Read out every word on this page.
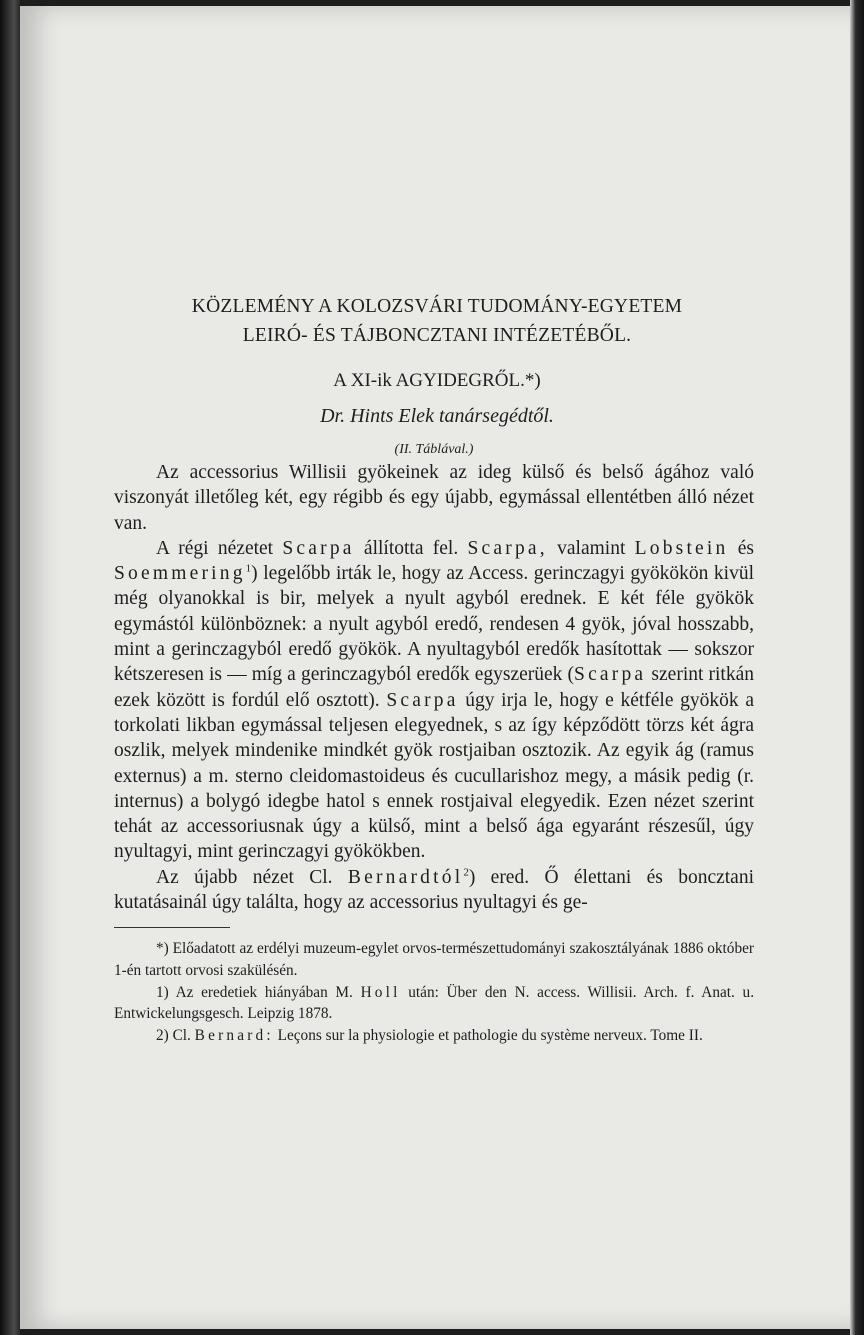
KÖZLEMÉNY A KOLOZSVÁRI TUDOMÁNY-EGYETEM
LEIRÓ- ÉS TÁJBONCZTANI INTÉZETÉBŐL.
A XI-ik AGYIDEGRŐL.*)
Dr. Hints Elek tanársegédtől.
(II. Táblával.)

Az accessorius Willisii gyökeinek az ideg külső és belső ágához való viszonyát illetőleg két, egy régibb és egy újabb, egymással ellentétben álló nézet van.

A régi nézetet Scarpa állította fel. Scarpa, valamint Lobstein és Soemmering$^1$) legelőbb irták le, hogy az Access. gerinczagyi gyökökön kivül még olyanokkal is bir, melyek a nyult agyból erednek. E két féle gyökök egymástól különböznek: a nyult agyból eredő, rendesen 4 gyök, jóval hosszabb, mint a gerinczagyból eredő gyökök. A nyultagyból eredők hasítottak — sokszor kétszeresen is — míg a gerinczagyból eredők egyszerüek (Scarpa szerint ritkán ezek között is fordúl elő osztott). Scarpa úgy irja le, hogy e kétféle gyökök a torkolati likban egymással teljesen elegyednek, s az így képződött törzs két ágra oszlik, melyek mindenike mindkét gyök rostjaiban osztozik. Az egyik ág (ramus externus) a m. sterno cleidomastoideus és cucullarishoz megy, a másik pedig (r. internus) a bolygó idegbe hatol s ennek rostjaival elegyedik. Ezen nézet szerint tehát az accessoriusnak úgy a külső, mint a belső ága egyaránt részesűl, úgy nyultagyi, mint gerinczagyi gyökökben.

Az újabb nézet Cl. Bernardtól$^2$) ered. Ő élettani és boncztani kutatásainál úgy találta, hogy az accessorius nyultagyi és ge-

*) Előadatott az erdélyi muzeum-egylet orvos-természettudományi szakosztályának 1886 október 1-én tartott orvosi szakülésén.

1) Az eredetiek hiányában M. Holl után: Über den N. access. Willisii. Arch. f. Anat. u. Entwickelungsgesch. Leipzig 1878.

2) Cl. Bernard: Leçons sur la physiologie et pathologie du système nerveux. Tome II.
